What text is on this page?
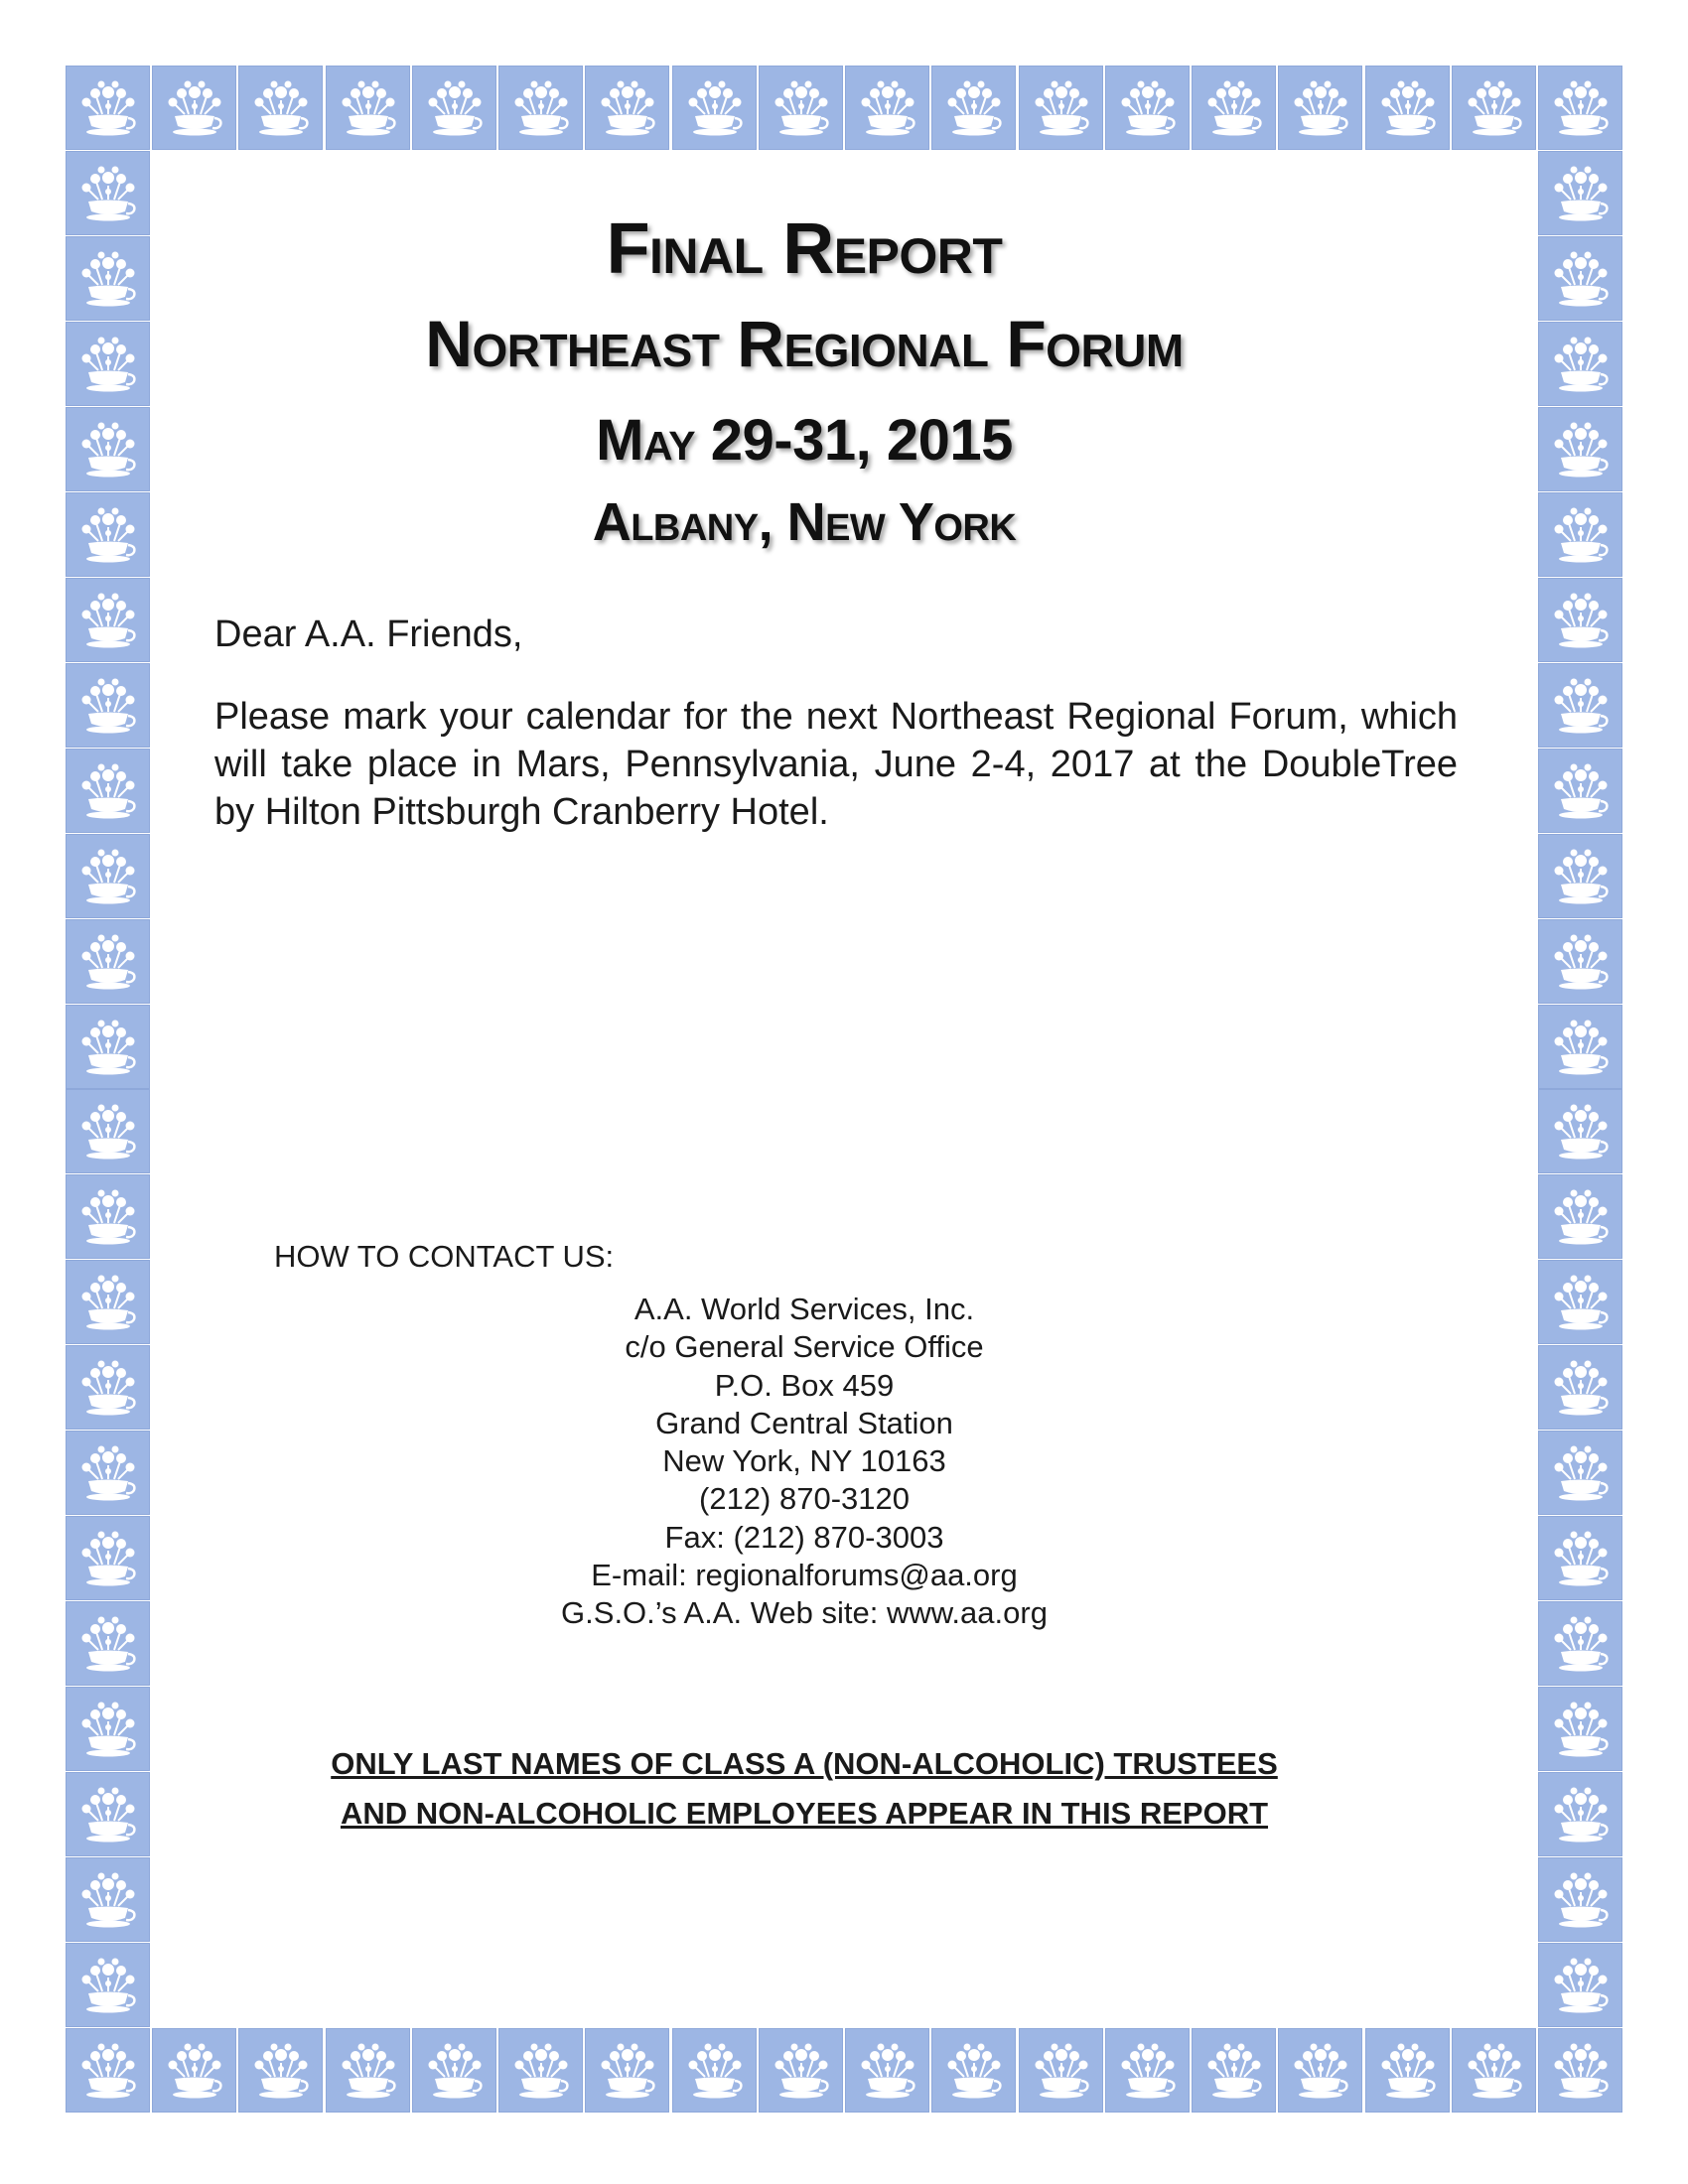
Final Report
Northeast Regional Forum
May 29-31, 2015
Albany, New York

Dear A.A. Friends,

Please mark your calendar for the next Northeast Regional Forum, which will take place in Mars, Pennsylvania, June 2-4, 2017 at the DoubleTree by Hilton Pittsburgh Cranberry Hotel.

HOW TO CONTACT US:

A.A. World Services, Inc.
c/o General Service Office
P.O. Box 459
Grand Central Station
New York, NY 10163
(212) 870-3120
Fax: (212) 870-3003
E-mail: regionalforums@aa.org
G.S.O.’s A.A. Web site: www.aa.org

ONLY LAST NAMES OF CLASS A (NON-ALCOHOLIC) TRUSTEES
AND NON-ALCOHOLIC EMPLOYEES APPEAR IN THIS REPORT
